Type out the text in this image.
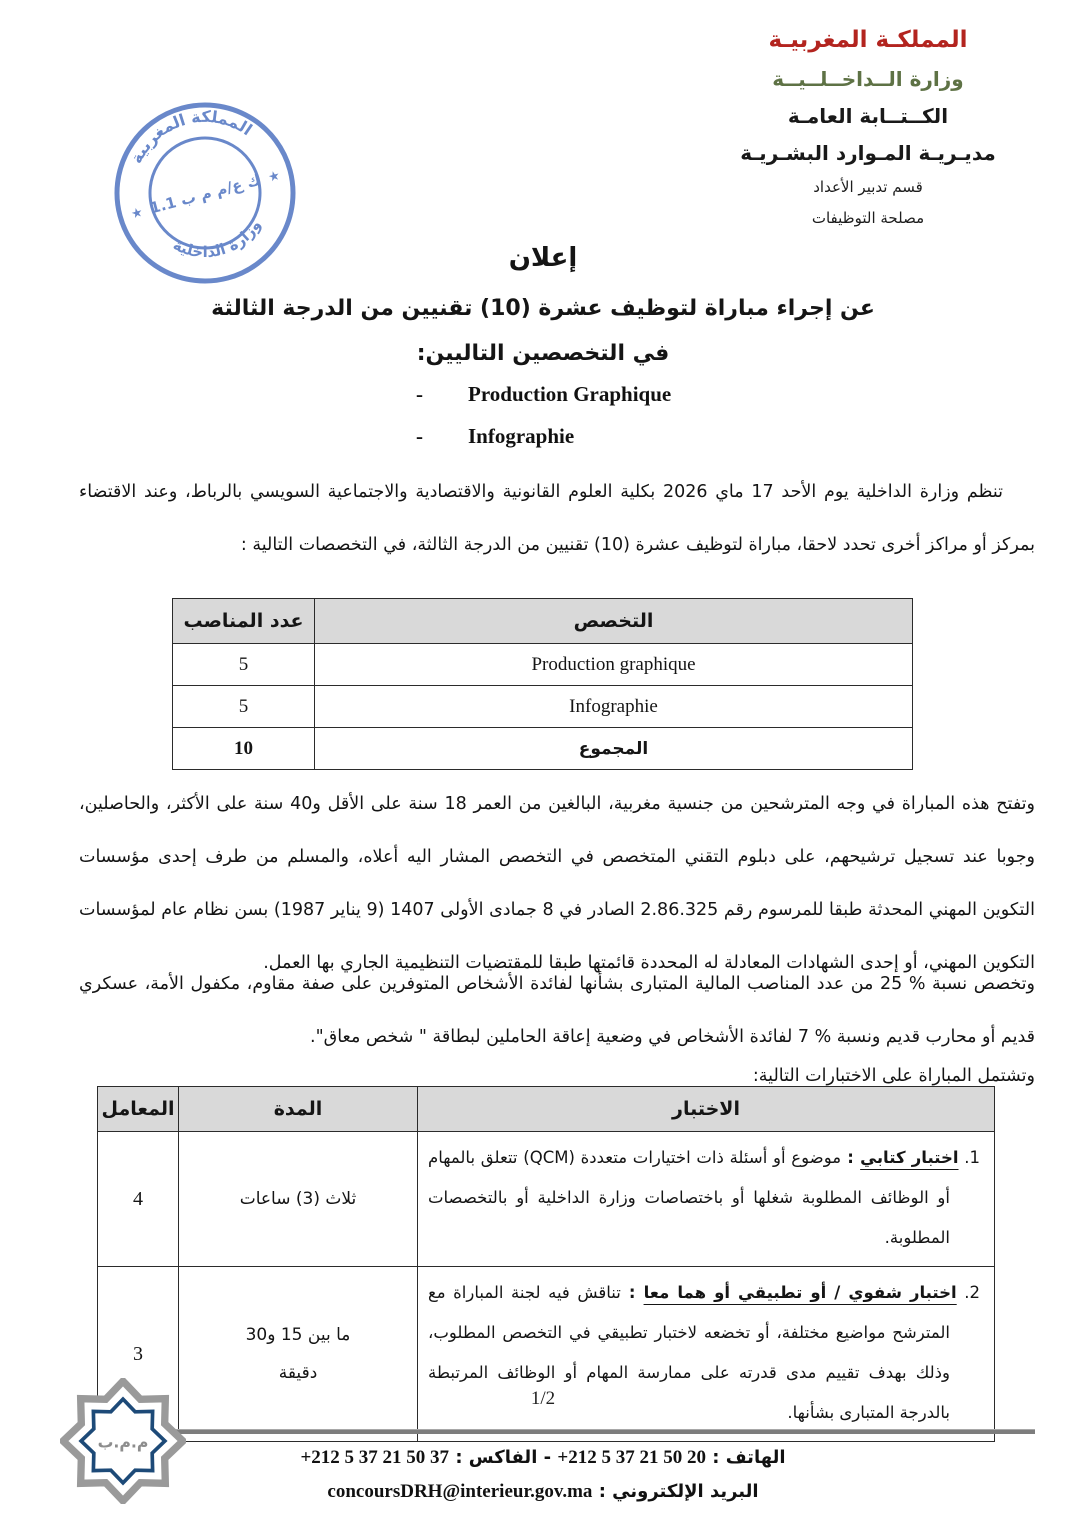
المملكـة المغربيـة
وزارة الــداخــلــيــة
الكــتــابة العامـة
مديـريـة المـوارد البشـريـة
قسم تدبير الأعداد
مصلحة التوظيفات
المملكة المغربية
وزارة الداخلية
★
★
ك ع/م م ب 1.1
إعلان
عن إجراء مباراة لتوظيف عشرة (10) تقنيين من الدرجة الثالثة
في التخصصين التاليين:
- Production Graphique
- Infographie

تنظم وزارة الداخلية يوم الأحد 17 ماي 2026 بكلية العلوم القانونية والاقتصادية والاجتماعية السويسي بالرباط، وعند الاقتضاء بمركز أو مراكز أخرى تحدد لاحقا، مباراة لتوظيف عشرة (10) تقنيين من الدرجة الثالثة، في التخصصات التالية :

التخصص	عدد المناصب
Production graphique	5
Infographie	5
المجموع	10

وتفتح هذه المباراة في وجه المترشحين من جنسية مغربية، البالغين من العمر 18 سنة على الأقل و40 سنة على الأكثر، والحاصلين، وجوبا عند تسجيل ترشيحهم، على دبلوم التقني المتخصص في التخصص المشار اليه أعلاه، والمسلم من طرف إحدى مؤسسات التكوين المهني المحدثة طبقا للمرسوم رقم 2.86.325 الصادر في 8 جمادى الأولى 1407 (9 يناير 1987) بسن نظام عام لمؤسسات التكوين المهني، أو إحدى الشهادات المعادلة له المحددة قائمتها طبقا للمقتضيات التنظيمية الجاري بها العمل.

وتخصص نسبة % 25 من عدد المناصب المالية المتبارى بشأنها لفائدة الأشخاص المتوفرين على صفة مقاوم، مكفول الأمة، عسكري قديم أو محارب قديم ونسبة % 7 لفائدة الأشخاص في وضعية إعاقة الحاملين لبطاقة " شخص معاق".

وتشتمل المباراة على الاختبارات التالية:

الاختبار	المدة	المعامل

1. اختبار كتابي : موضوع أو أسئلة ذات اختيارات متعددة (QCM) تتعلق بالمهام أو الوظائف المطلوبة شغلها أو باختصاصات وزارة الداخلية أو بالتخصصات المطلوبة.	ثلاث (3) ساعات	4

2. اختبار شفوي / أو تطبيقي أو هما معا : تناقش فيه لجنة المباراة مع المترشح مواضيع مختلفة، أو تخضعه لاختبار تطبيقي في التخصص المطلوب، وذلك بهدف تقييم مدى قدرته على ممارسة المهام أو الوظائف المرتبطة بالدرجة المتبارى بشأنها.	ما بين 15 و30 دقيقة	3
1/2
م.م.ب
الهاتف : +212 5 37 21 50 20 - الفاكس : +212 5 37 21 50 37
البريد الإلكتروني : concoursDRH@interieur.gov.ma
